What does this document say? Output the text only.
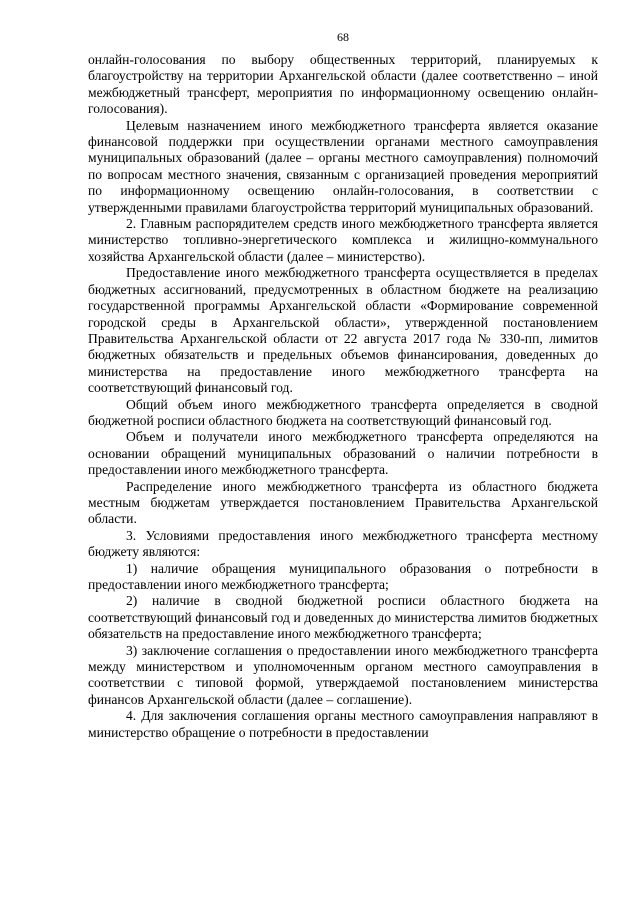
68

онлайн-голосования по выбору общественных территорий, планируемых к благоустройству на территории Архангельской области (далее соответственно – иной межбюджетный трансферт, мероприятия по информационному освещению онлайн-голосования).

Целевым назначением иного межбюджетного трансферта является оказание финансовой поддержки при осуществлении органами местного самоуправления муниципальных образований (далее – органы местного самоуправления) полномочий по вопросам местного значения, связанным с организацией проведения мероприятий по информационному освещению онлайн-голосования, в соответствии с утвержденными правилами благоустройства территорий муниципальных образований.

2. Главным распорядителем средств иного межбюджетного трансферта является министерство топливно-энергетического комплекса и жилищно-коммунального хозяйства Архангельской области (далее – министерство).

Предоставление иного межбюджетного трансферта осуществляется в пределах бюджетных ассигнований, предусмотренных в областном бюджете на реализацию государственной программы Архангельской области «Формирование современной городской среды в Архангельской области», утвержденной постановлением Правительства Архангельской области от 22 августа 2017 года № 330-пп, лимитов бюджетных обязательств и предельных объемов финансирования, доведенных до министерства на предоставление иного межбюджетного трансферта на соответствующий финансовый год.

Общий объем иного межбюджетного трансферта определяется в сводной бюджетной росписи областного бюджета на соответствующий финансовый год.

Объем и получатели иного межбюджетного трансферта определяются на основании обращений муниципальных образований о наличии потребности в предоставлении иного межбюджетного трансферта.

Распределение иного межбюджетного трансферта из областного бюджета местным бюджетам утверждается постановлением Правительства Архангельской области.

3. Условиями предоставления иного межбюджетного трансферта местному бюджету являются:

1) наличие обращения муниципального образования о потребности в предоставлении иного межбюджетного трансферта;

2) наличие в сводной бюджетной росписи областного бюджета на соответствующий финансовый год и доведенных до министерства лимитов бюджетных обязательств на предоставление иного межбюджетного трансферта;

3) заключение соглашения о предоставлении иного межбюджетного трансферта между министерством и уполномоченным органом местного самоуправления в соответствии с типовой формой, утверждаемой постановлением министерства финансов Архангельской области (далее – соглашение).

4. Для заключения соглашения органы местного самоуправления направляют в министерство обращение о потребности в предоставлении
